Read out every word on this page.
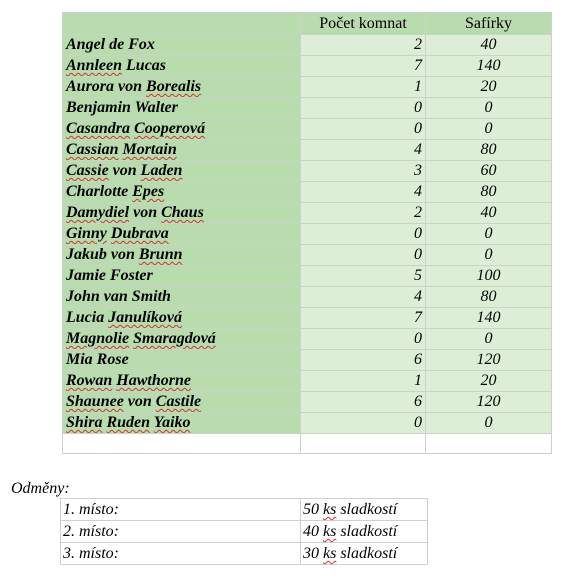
	Počet komnat	Safírky
Angel de Fox	2	40
Annleen Lucas	7	140
Aurora von Borealis	1	20
Benjamin Walter	0	0
Casandra Cooperová	0	0
Cassian Mortain	4	80
Cassie von Laden	3	60
Charlotte Epes	4	80
Damydiel von Chaus	2	40
Ginny Dubrava	0	0
Jakub von Brunn	0	0
Jamie Foster	5	100
John van Smith	4	80
Lucia Janulíková	7	140
Magnolie Smaragdová	0	0
Mia Rose	6	120
Rowan Hawthorne	1	20
Shaunee von Castile	6	120
Shira Ruden Yaiko	0	0

Odměny:
1. místo:	50 ks sladkostí
2. místo:	40 ks sladkostí
3. místo:	30 ks sladkostí
